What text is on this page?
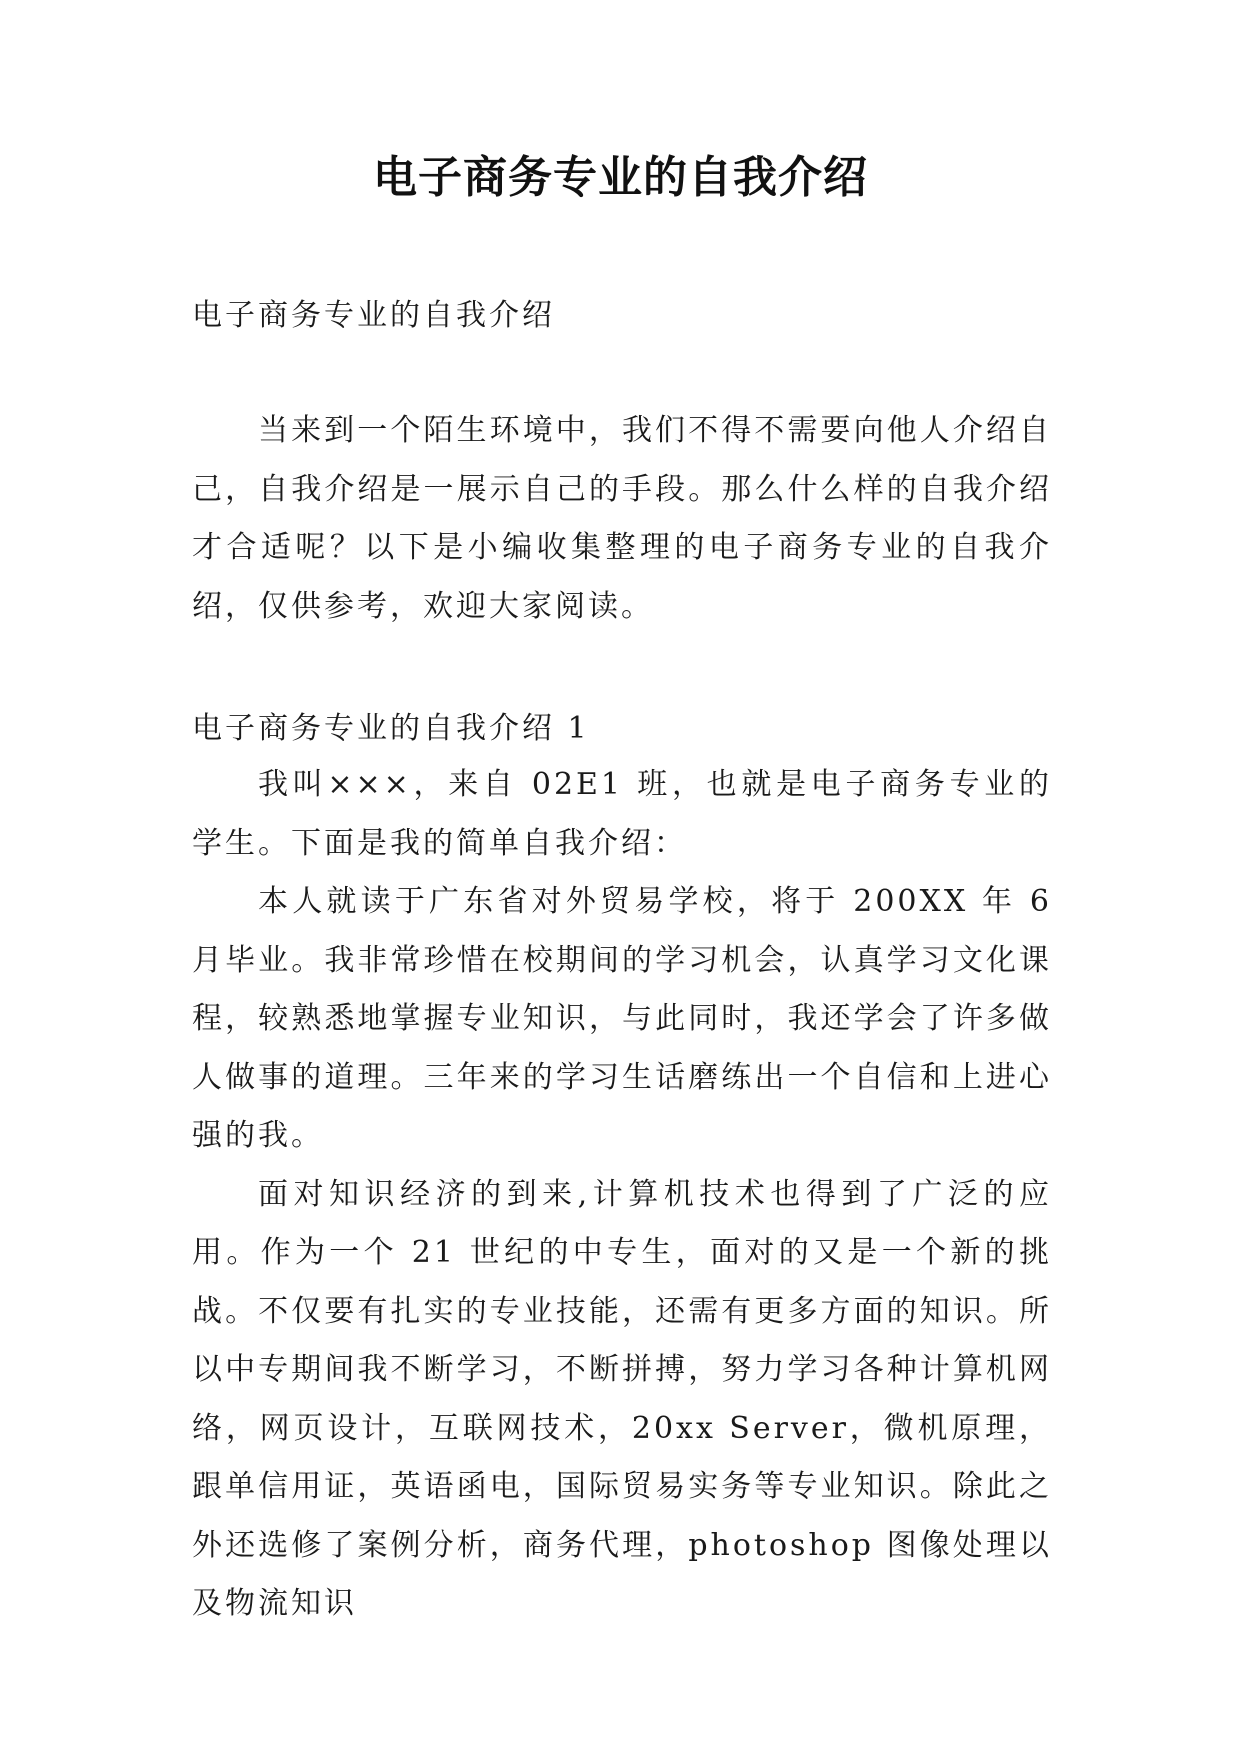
电子商务专业的自我介绍

电子商务专业的自我介绍

当来到一个陌生环境中，我们不得不需要向他人介绍自己，自我介绍是一展示自己的手段。那么什么样的自我介绍才合适呢？以下是小编收集整理的电子商务专业的自我介绍，仅供参考，欢迎大家阅读。

电子商务专业的自我介绍 1

我叫×××，来自 02E1 班，也就是电子商务专业的学生。下面是我的简单自我介绍：

本人就读于广东省对外贸易学校，将于 200XX 年 6 月毕业。我非常珍惜在校期间的学习机会，认真学习文化课程，较熟悉地掌握专业知识，与此同时，我还学会了许多做人做事的道理。三年来的学习生话磨练出一个自信和上进心强的我。

面对知识经济的到来,计算机技术也得到了广泛的应用。作为一个 21 世纪的中专生，面对的又是一个新的挑战。不仅要有扎实的专业技能，还需有更多方面的知识。所以中专期间我不断学习，不断拼搏，努力学习各种计算机网络，网页设计，互联网技术，20xx Server，微机原理，跟单信用证，英语函电，国际贸易实务等专业知识。除此之外还选修了案例分析，商务代理，photoshop 图像处理以及物流知识
